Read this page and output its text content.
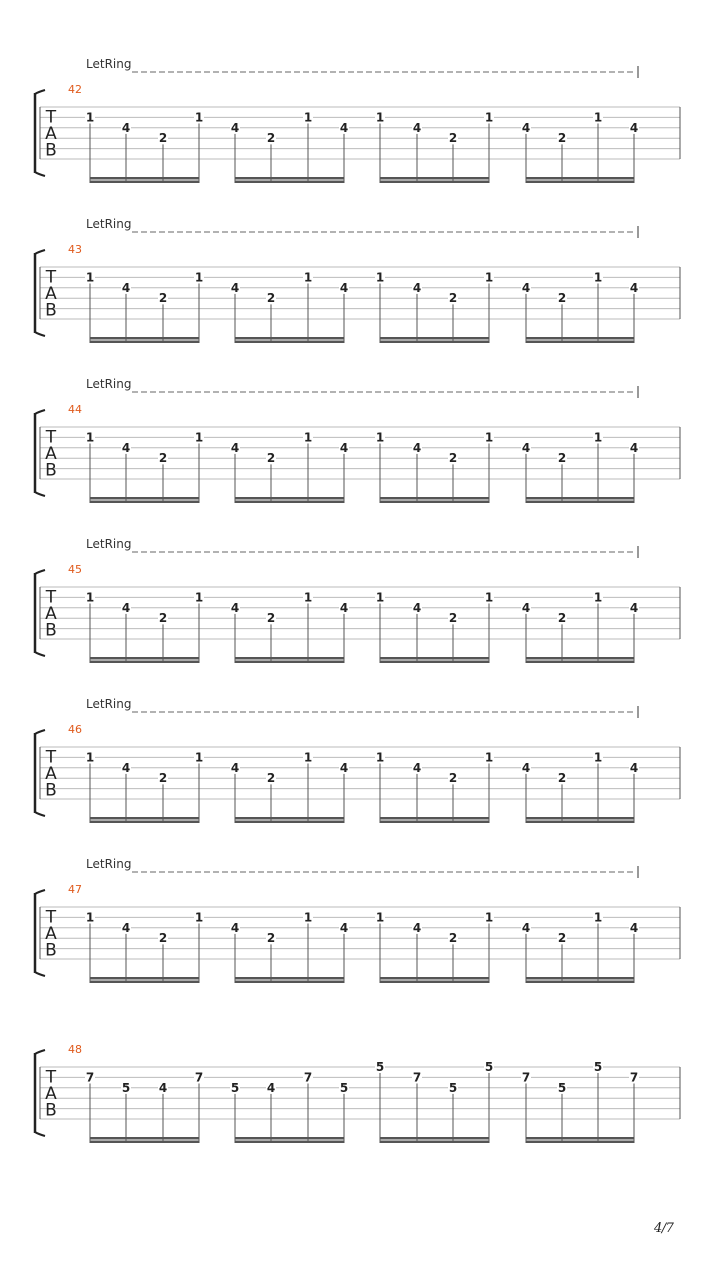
LetRing
42
T
A
B
1
4
2
1
4
2
1
4
1
4
2
1
4
2
1
4
LetRing
43
T
A
B
1
4
2
1
4
2
1
4
1
4
2
1
4
2
1
4
LetRing
44
T
A
B
1
4
2
1
4
2
1
4
1
4
2
1
4
2
1
4
LetRing
45
T
A
B
1
4
2
1
4
2
1
4
1
4
2
1
4
2
1
4
LetRing
46
T
A
B
1
4
2
1
4
2
1
4
1
4
2
1
4
2
1
4
LetRing
47
T
A
B
1
4
2
1
4
2
1
4
1
4
2
1
4
2
1
4
48
T
A
B
7
5 4
7
5 4
7
5
5
7
5
5
7
5
5
7
4/7
